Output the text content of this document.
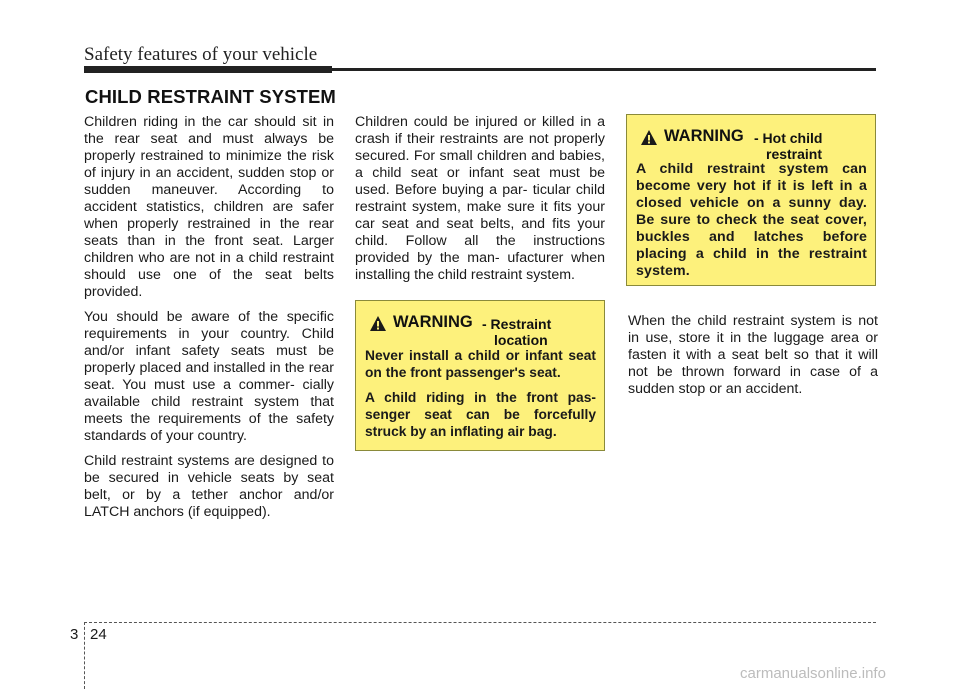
Safety features of your vehicle
CHILD RESTRAINT SYSTEM

Children riding in the car should sit in the rear seat and must always be properly restrained to minimize the risk of injury in an accident, sudden stop or sudden maneuver. According to accident statistics, children are safer when properly restrained in the rear seats than in the front seat. Larger children who are not in a child restraint should use one of the seat belts provided.

You should be aware of the specific requirements in your country. Child and/or infant safety seats must be properly placed and installed in the rear seat. You must use a commer- cially available child restraint system that meets the requirements of the safety standards of your country.

Child restraint systems are designed to be secured in vehicle seats by seat belt, or by a tether anchor and/or LATCH anchors (if equipped).

Children could be injured or killed in a crash if their restraints are not properly secured. For small children and babies, a child seat or infant seat must be used. Before buying a par- ticular child restraint system, make sure it fits your car seat and seat belts, and fits your child. Follow all the instructions provided by the man- ufacturer when installing the child restraint system.

WARNING - Restraint
location

Never install a child or infant seat on the front passenger's seat.

A child riding in the front pas- senger seat can be forcefully struck by an inflating air bag.

WARNING - Hot child
restraint

A child restraint system can become very hot if it is left in a closed vehicle on a sunny day. Be sure to check the seat cover, buckles and latches before placing a child in the restraint system.

When the child restraint system is not in use, store it in the luggage area or fasten it with a seat belt so that it will not be thrown forward in case of a sudden stop or an accident.

3 24
carmanualsonline.info
